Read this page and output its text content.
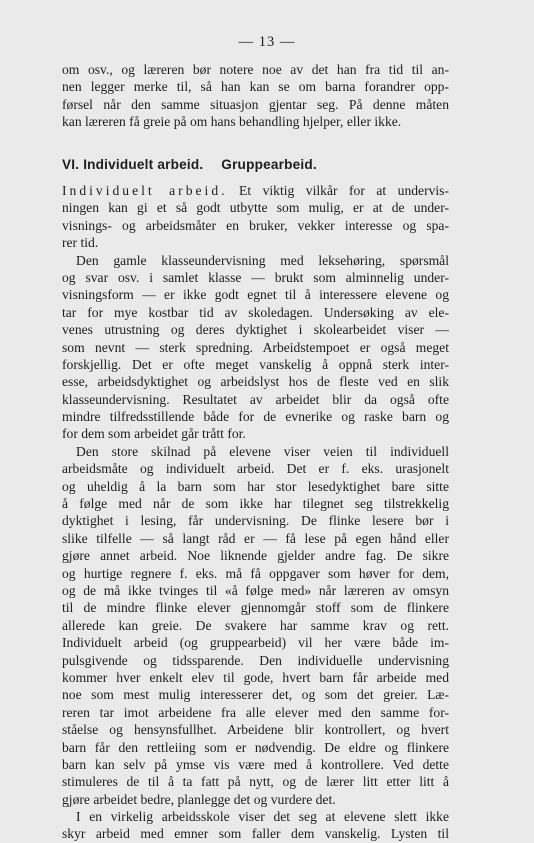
— 13 —
om osv., og læreren bør notere noe av det han fra tid til an-
nen legger merke til, så han kan se om barna forandrer opp-
førsel når den samme situasjon gjentar seg. På denne måten
kan læreren få greie på om hans behandling hjelper, eller ikke.
VI. Individuelt arbeid. Gruppearbeid.
Individuelt arbeid. Et viktig vilkår for at undervis-
ningen kan gi et så godt utbytte som mulig, er at de under-
visnings- og arbeidsmåter en bruker, vekker interesse og spa-
rer tid.
Den gamle klasseundervisning med leksehøring, spørsmål
og svar osv. i samlet klasse — brukt som alminnelig under-
visningsform — er ikke godt egnet til å interessere elevene og
tar for mye kostbar tid av skoledagen. Undersøking av ele-
venes utrustning og deres dyktighet i skolearbeidet viser —
som nevnt — sterk spredning. Arbeidstempoet er også meget
forskjellig. Det er ofte meget vanskelig å oppnå sterk inter-
esse, arbeidsdyktighet og arbeidslyst hos de fleste ved en slik
klasseundervisning. Resultatet av arbeidet blir da også ofte
mindre tilfredsstillende både for de evnerike og raske barn og
for dem som arbeidet går trått for.
Den store skilnad på elevene viser veien til individuell
arbeidsmåte og individuelt arbeid. Det er f. eks. urasjonelt
og uheldig å la barn som har stor lesedyktighet bare sitte
å følge med når de som ikke har tilegnet seg tilstrekkelig
dyktighet i lesing, får undervisning. De flinke lesere bør i
slike tilfelle — så langt råd er — få lese på egen hånd eller
gjøre annet arbeid. Noe liknende gjelder andre fag. De sikre
og hurtige regnere f. eks. må få oppgaver som høver for dem,
og de må ikke tvinges til «å følge med» når læreren av omsyn
til de mindre flinke elever gjennomgår stoff som de flinkere
allerede kan greie. De svakere har samme krav og rett.
Individuelt arbeid (og gruppearbeid) vil her være både im-
pulsgivende og tidssparende. Den individuelle undervisning
kommer hver enkelt elev til gode, hvert barn får arbeide med
noe som mest mulig interesserer det, og som det greier. Læ-
reren tar imot arbeidene fra alle elever med den samme for-
ståelse og hensynsfullhet. Arbeidene blir kontrollert, og hvert
barn får den rettleiing som er nødvendig. De eldre og flinkere
barn kan selv på ymse vis være med å kontrollere. Ved dette
stimuleres de til å ta fatt på nytt, og de lærer litt etter litt å
gjøre arbeidet bedre, planlegge det og vurdere det.
I en virkelig arbeidsskole viser det seg at elevene slett ikke
skyr arbeid med emner som faller dem vanskelig. Lysten til
